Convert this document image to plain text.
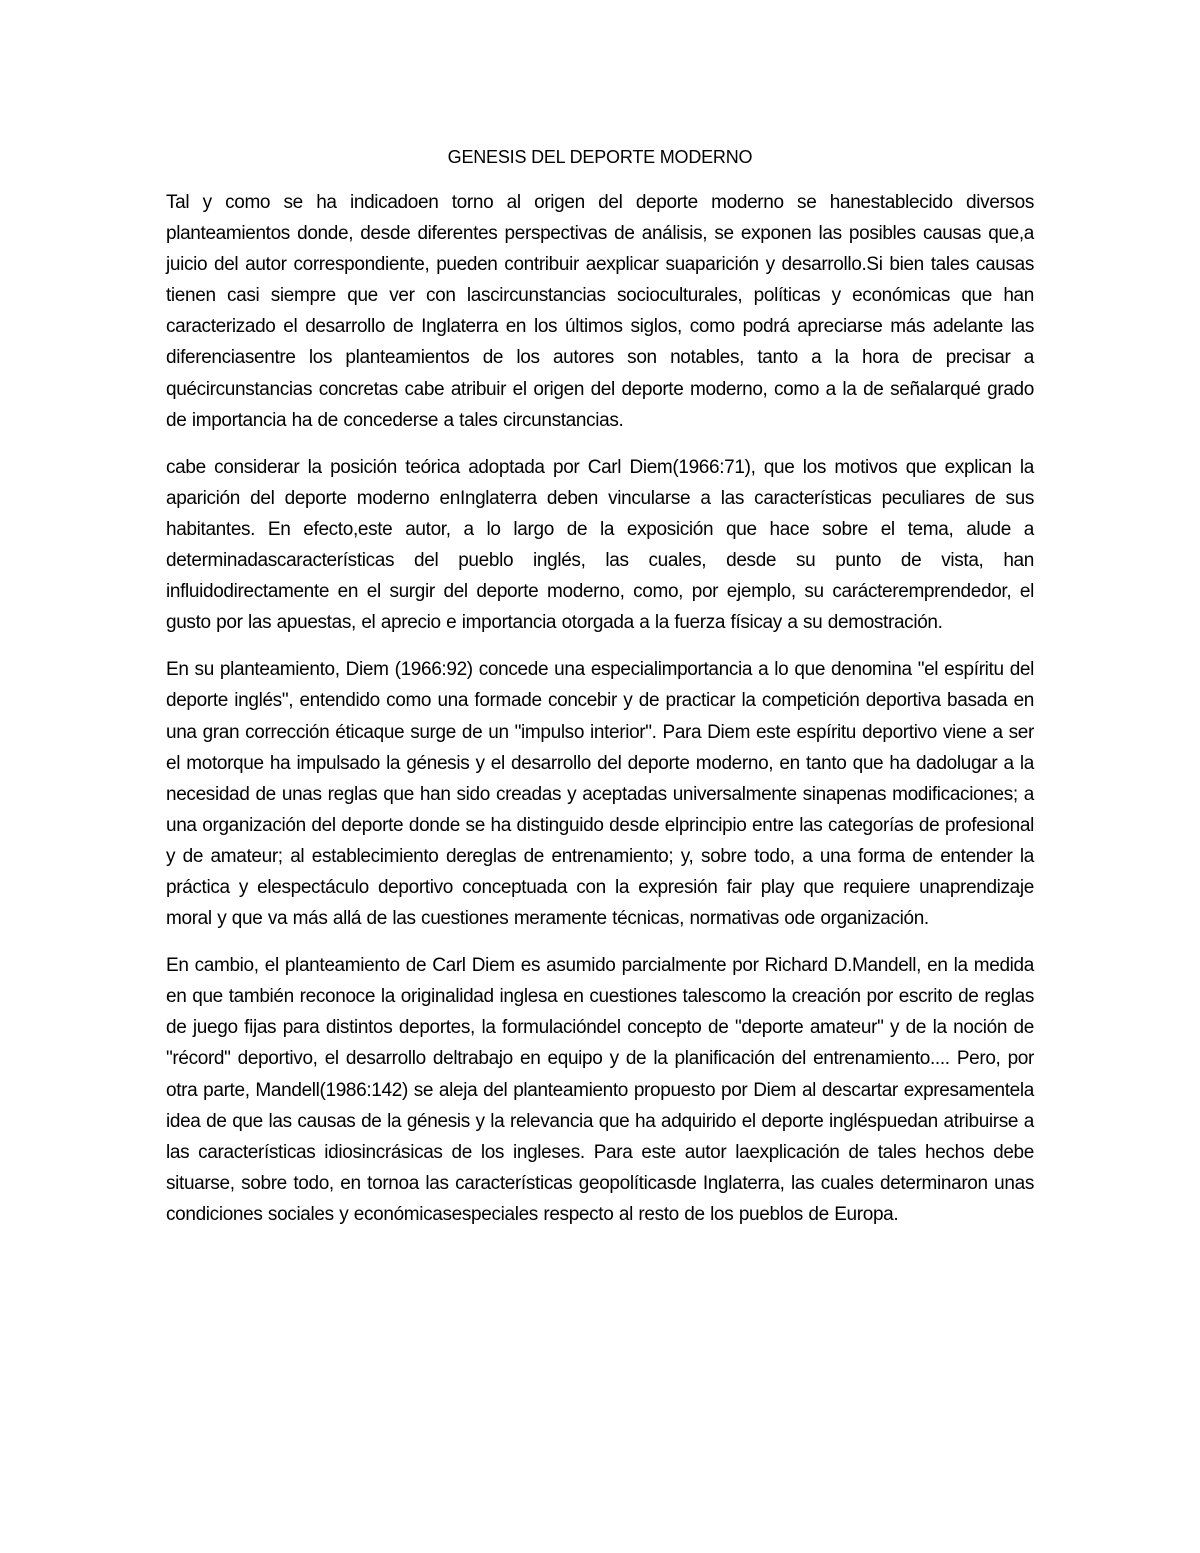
GENESIS DEL DEPORTE MODERNO

Tal y como se ha indicadoen torno al origen del deporte moderno se hanestablecido diversos planteamientos donde, desde diferentes perspectivas de análisis, se exponen las posibles causas que,a juicio del autor correspondiente, pueden contribuir aexplicar suaparición y desarrollo.Si bien tales causas tienen casi siempre que ver con lascircunstancias socioculturales, políticas y económicas que han caracterizado el desarrollo de Inglaterra en los últimos siglos, como podrá apreciarse más adelante las diferenciasentre los planteamientos de los autores son notables, tanto a la hora de precisar a quécircunstancias concretas cabe atribuir el origen del deporte moderno, como a la de señalarqué grado de importancia ha de concederse a tales circunstancias.

cabe considerar la posición teórica adoptada por Carl Diem(1966:71), que los motivos que explican la aparición del deporte moderno enInglaterra deben vincularse a las características peculiares de sus habitantes. En efecto,este autor, a lo largo de la exposición que hace sobre el tema, alude a determinadascaracterísticas del pueblo inglés, las cuales, desde su punto de vista, han influidodirectamente en el surgir del deporte moderno, como, por ejemplo, su carácteremprendedor, el gusto por las apuestas, el aprecio e importancia otorgada a la fuerza físicay a su demostración.

En su planteamiento, Diem (1966:92) concede una especialimportancia a lo que denomina "el espíritu del deporte inglés", entendido como una formade concebir y de practicar la competición deportiva basada en una gran corrección éticaque surge de un "impulso interior". Para Diem este espíritu deportivo viene a ser el motorque ha impulsado la génesis y el desarrollo del deporte moderno, en tanto que ha dadolugar a la necesidad de unas reglas que han sido creadas y aceptadas universalmente sinapenas modificaciones; a una organización del deporte donde se ha distinguido desde elprincipio entre las categorías de profesional y de amateur; al establecimiento dereglas de entrenamiento; y, sobre todo, a una forma de entender la práctica y elespectáculo deportivo conceptuada con la expresión fair play que requiere unaprendizaje moral y que va más allá de las cuestiones meramente técnicas, normativas ode organización.

En cambio, el planteamiento de Carl Diem es asumido parcialmente por Richard D.Mandell, en la medida en que también reconoce la originalidad inglesa en cuestiones talescomo la creación por escrito de reglas de juego fijas para distintos deportes, la formulacióndel concepto de "deporte amateur" y de la noción de "récord" deportivo, el desarrollo deltrabajo en equipo y de la planificación del entrenamiento.... Pero, por otra parte, Mandell(1986:142) se aleja del planteamiento propuesto por Diem al descartar expresamentela idea de que las causas de la génesis y la relevancia que ha adquirido el deporte ingléspuedan atribuirse a las características idiosincrásicas de los ingleses. Para este autor laexplicación de tales hechos debe situarse, sobre todo, en tornoa las características geopolíticasde Inglaterra, las cuales determinaron unas condiciones sociales y económicasespeciales respecto al resto de los pueblos de Europa.
